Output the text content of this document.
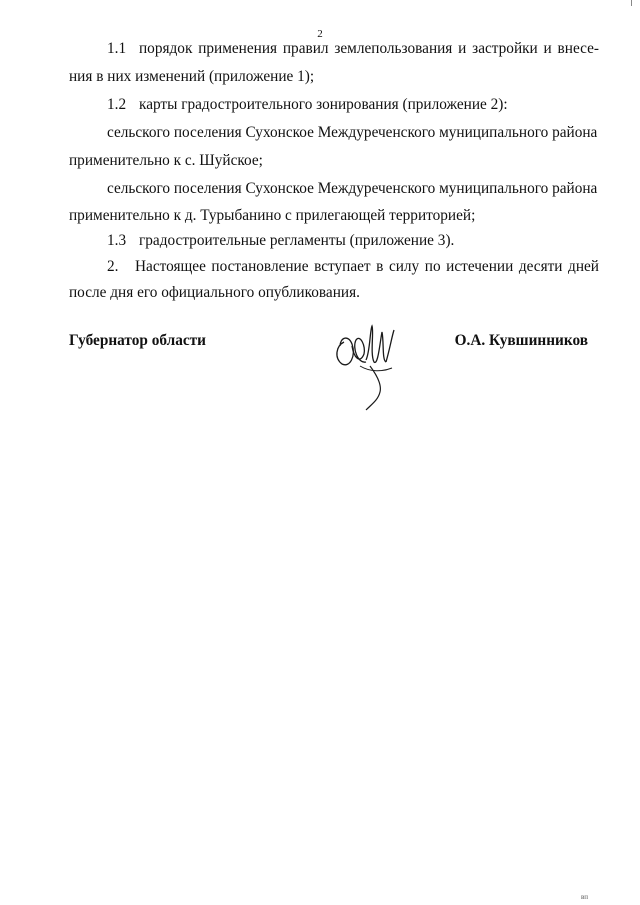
2
1.1 порядок применения правил землепользования и застройки и внесе-
ния в них изменений (приложение 1);
1.2 карты градостроительного зонирования (приложение 2):
сельского поселения Сухонское Междуреченского муниципального района
применительно к с. Шуйское;
сельского поселения Сухонское Междуреченского муниципального района
применительно к д. Турыбанино с прилегающей территорией;
1.3 градостроительные регламенты (приложение 3).
2. Настоящее постановление вступает в силу по истечении десяти дней
после дня его официального опубликования.
Губернатор области	О.А. Кувшинников
вп
